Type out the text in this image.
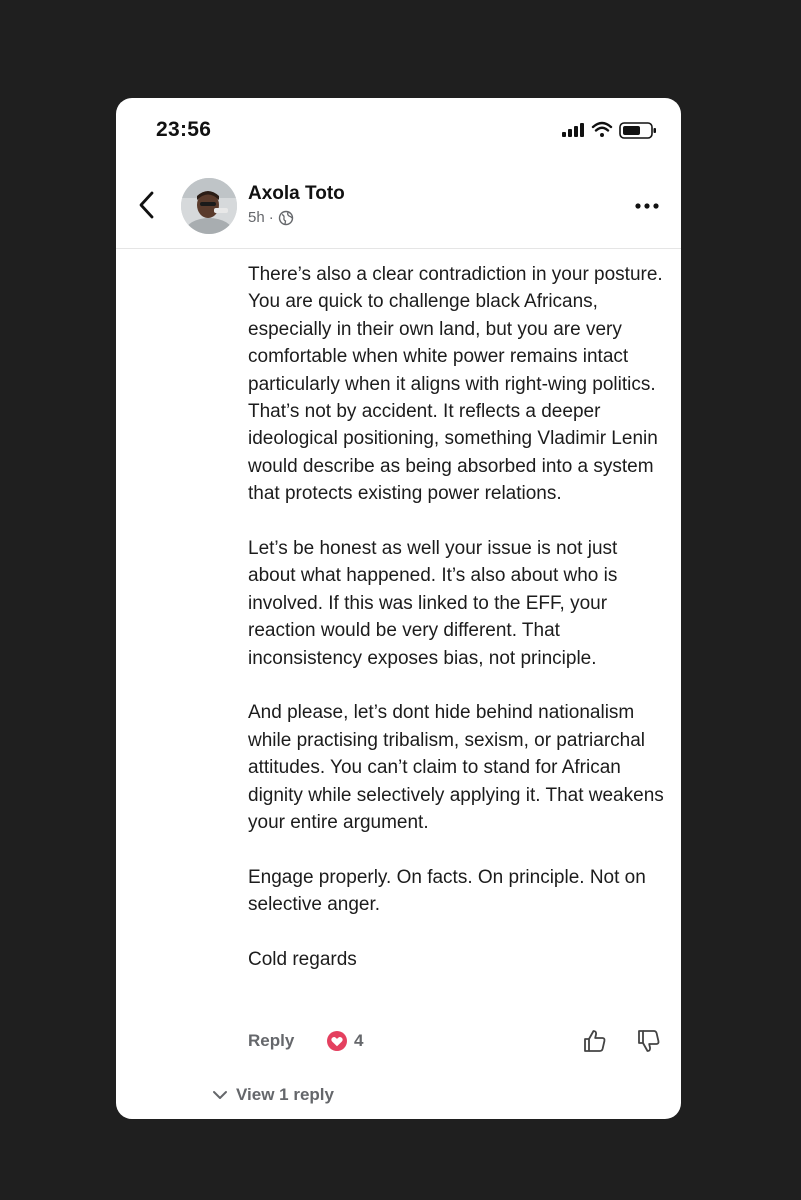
23:56
Axola Toto
5h ·

There’s also a clear contradiction in your posture. You are quick to challenge black Africans, especially in their own land, but you are very comfortable when white power remains intact particularly when it aligns with right-wing politics. That’s not by accident. It reflects a deeper ideological positioning, something Vladimir Lenin would describe as being absorbed into a system that protects existing power relations.

Let’s be honest as well your issue is not just about what happened. It’s also about who is involved. If this was linked to the EFF, your reaction would be very different. That inconsistency exposes bias, not principle.

And please, let’s dont hide behind nationalism while practising tribalism, sexism, or patriarchal attitudes. You can’t claim to stand for African dignity while selectively applying it. That weakens your entire argument.

Engage properly. On facts. On principle. Not on selective anger.

Cold regards

Reply	4
View 1 reply
